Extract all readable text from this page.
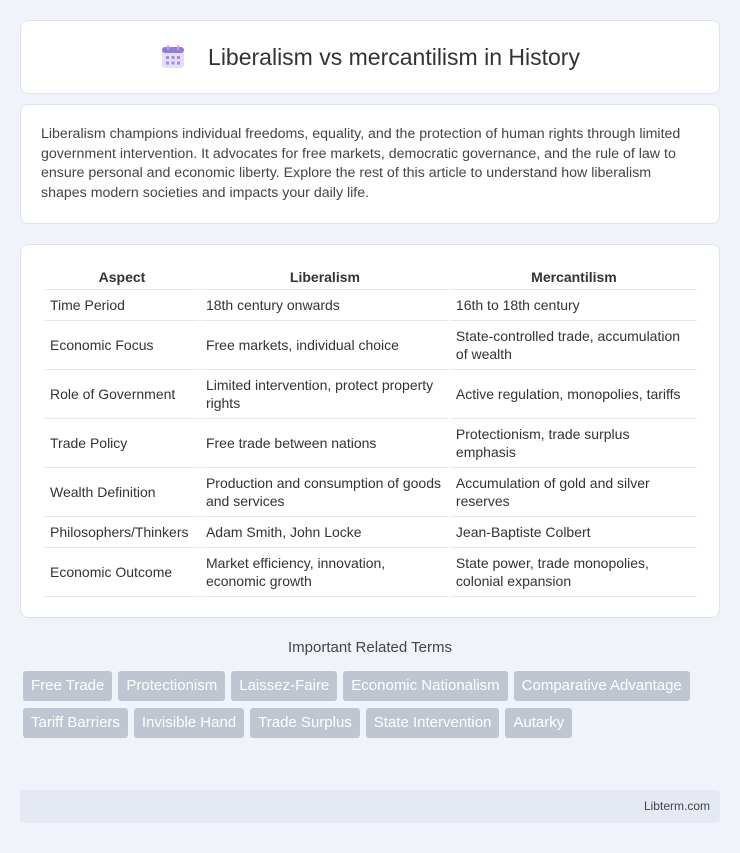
Liberalism vs mercantilism in History

Liberalism champions individual freedoms, equality, and the protection of human rights through limited government intervention. It advocates for free markets, democratic governance, and the rule of law to ensure personal and economic liberty. Explore the rest of this article to understand how liberalism shapes modern societies and impacts your daily life.

Aspect	Liberalism	Mercantilism
Time Period	18th century onwards	16th to 18th century
Economic Focus	Free markets, individual choice	State-controlled trade, accumulation of wealth
Role of Government	Limited intervention, protect property rights	Active regulation, monopolies, tariffs
Trade Policy	Free trade between nations	Protectionism, trade surplus emphasis
Wealth Definition	Production and consumption of goods and services	Accumulation of gold and silver reserves
Philosophers/Thinkers	Adam Smith, John Locke	Jean-Baptiste Colbert
Economic Outcome	Market efficiency, innovation, economic growth	State power, trade monopolies, colonial expansion
Important Related Terms
Free Trade	Protectionism	Laissez-Faire	Economic Nationalism	Comparative Advantage
Tariff Barriers	Invisible Hand	Trade Surplus	State Intervention	Autarky
Libterm.com
